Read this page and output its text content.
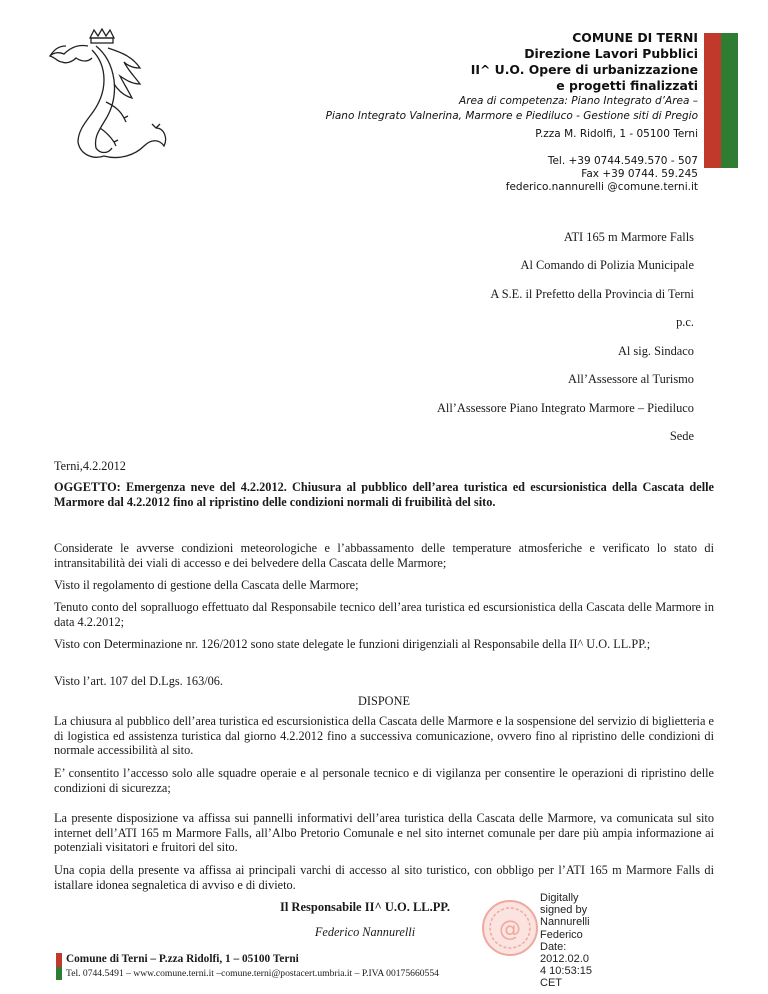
COMUNE DI TERNI
Direzione Lavori Pubblici
II^ U.O. Opere di urbanizzazione
e progetti finalizzati
Area di competenza: Piano Integrato d’Area –
Piano Integrato Valnerina, Marmore e Piediluco - Gestione siti di Pregio
P.zza M. Ridolfi, 1 - 05100 Terni
Tel. +39 0744.549.570 - 507
Fax +39 0744. 59.245
federico.nannurelli @comune.terni.it
ATI 165 m Marmore Falls
Al Comando di Polizia Municipale
A S.E. il Prefetto della Provincia di Terni
p.c.
Al sig. Sindaco
All’Assessore al Turismo
All’Assessore Piano Integrato Marmore – Piediluco
Sede
Terni,4.2.2012
OGGETTO: Emergenza neve del 4.2.2012. Chiusura al pubblico dell’area turistica ed escursionistica della Cascata delle Marmore dal 4.2.2012 fino al ripristino delle condizioni normali di fruibilità del sito.
Considerate le avverse condizioni meteorologiche e l’abbassamento delle temperature atmosferiche e verificato lo stato di intransitabilità dei viali di accesso e dei belvedere della Cascata delle Marmore;
Visto il regolamento di gestione della Cascata delle Marmore;
Tenuto conto del sopralluogo effettuato dal Responsabile tecnico dell’area turistica ed escursionistica della Cascata delle Marmore in data 4.2.2012;
Visto con Determinazione nr. 126/2012 sono state delegate le funzioni dirigenziali al Responsabile della II^ U.O. LL.PP.;
Visto l’art. 107 del D.Lgs. 163/06.
DISPONE
La chiusura al pubblico dell’area turistica ed escursionistica della Cascata delle Marmore e la sospensione del servizio di biglietteria e di logistica ed assistenza turistica dal giorno 4.2.2012 fino a successiva comunicazione, ovvero fino al ripristino delle condizioni di normale accessibilità al sito.
E’ consentito l’accesso solo alle squadre operaie e al personale tecnico e di vigilanza per consentire le operazioni di ripristino delle condizioni di sicurezza;
La presente disposizione va affissa sui pannelli informativi dell’area turistica della Cascata delle Marmore, va comunicata sul sito internet dell’ATI 165 m Marmore Falls, all’Albo Pretorio Comunale e nel sito internet comunale per dare più ampia informazione ai potenziali visitatori e fruitori del sito.
Una copia della presente va affissa ai principali varchi di accesso al sito turistico, con obbligo per l’ATI 165 m Marmore Falls di istallare idonea segnaletica di avviso e di divieto.
Il Responsabile II^ U.O. LL.PP.
Federico Nannurelli	@
Digitally
signed by
Nannurelli
Federico
Date:
2012.02.0
4 10:53:15
CET
Comune di Terni – P.zza Ridolfi, 1 – 05100 Terni
Tel. 0744.5491 – www.comune.terni.it –comune.terni@postacert.umbria.it – P.IVA 00175660554
